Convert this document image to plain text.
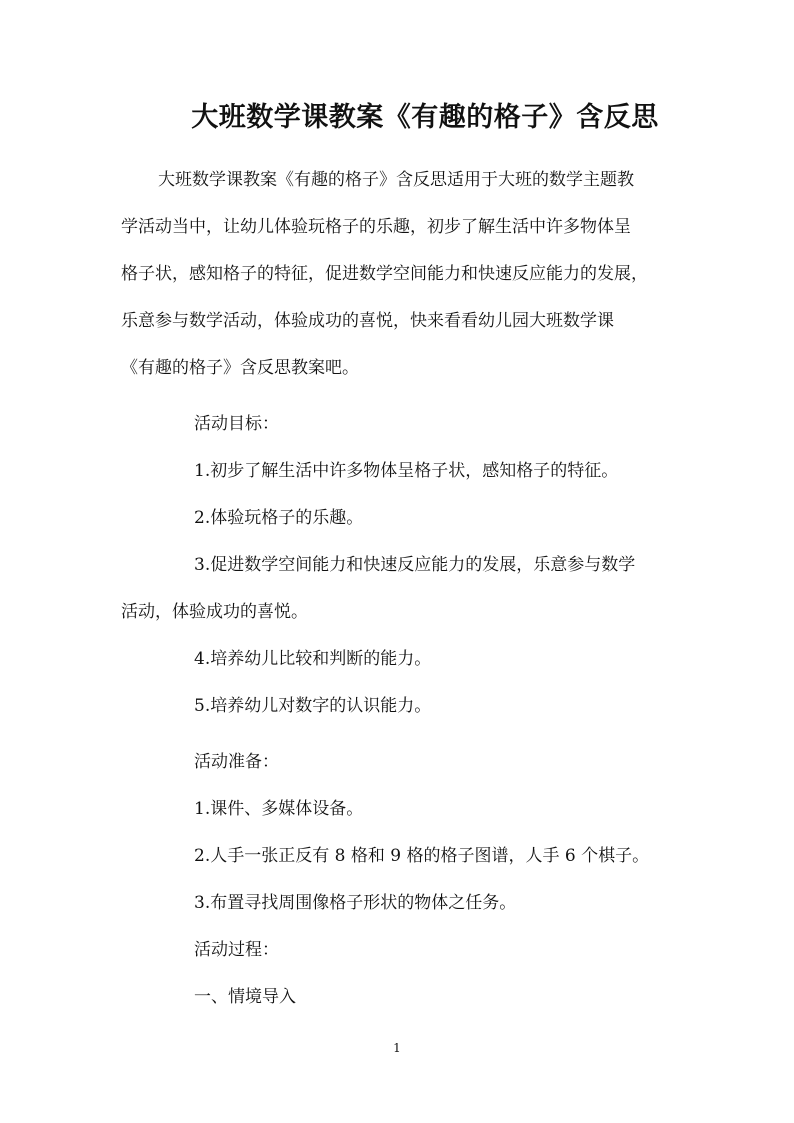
大班数学课教案《有趣的格子》含反思
大班数学课教案《有趣的格子》含反思适用于大班的数学主题教
学活动当中，让幼儿体验玩格子的乐趣，初步了解生活中许多物体呈
格子状，感知格子的特征，促进数学空间能力和快速反应能力的发展，
乐意参与数学活动，体验成功的喜悦，快来看看幼儿园大班数学课
《有趣的格子》含反思教案吧。
活动目标：
1.初步了解生活中许多物体呈格子状，感知格子的特征。
2.体验玩格子的乐趣。
3.促进数学空间能力和快速反应能力的发展，乐意参与数学
活动，体验成功的喜悦。
4.培养幼儿比较和判断的能力。
5.培养幼儿对数字的认识能力。
活动准备：
1.课件、多媒体设备。
2.人手一张正反有 8 格和 9 格的格子图谱，人手 6 个棋子。
3.布置寻找周围像格子形状的物体之任务。
活动过程：
一、情境导入
1
